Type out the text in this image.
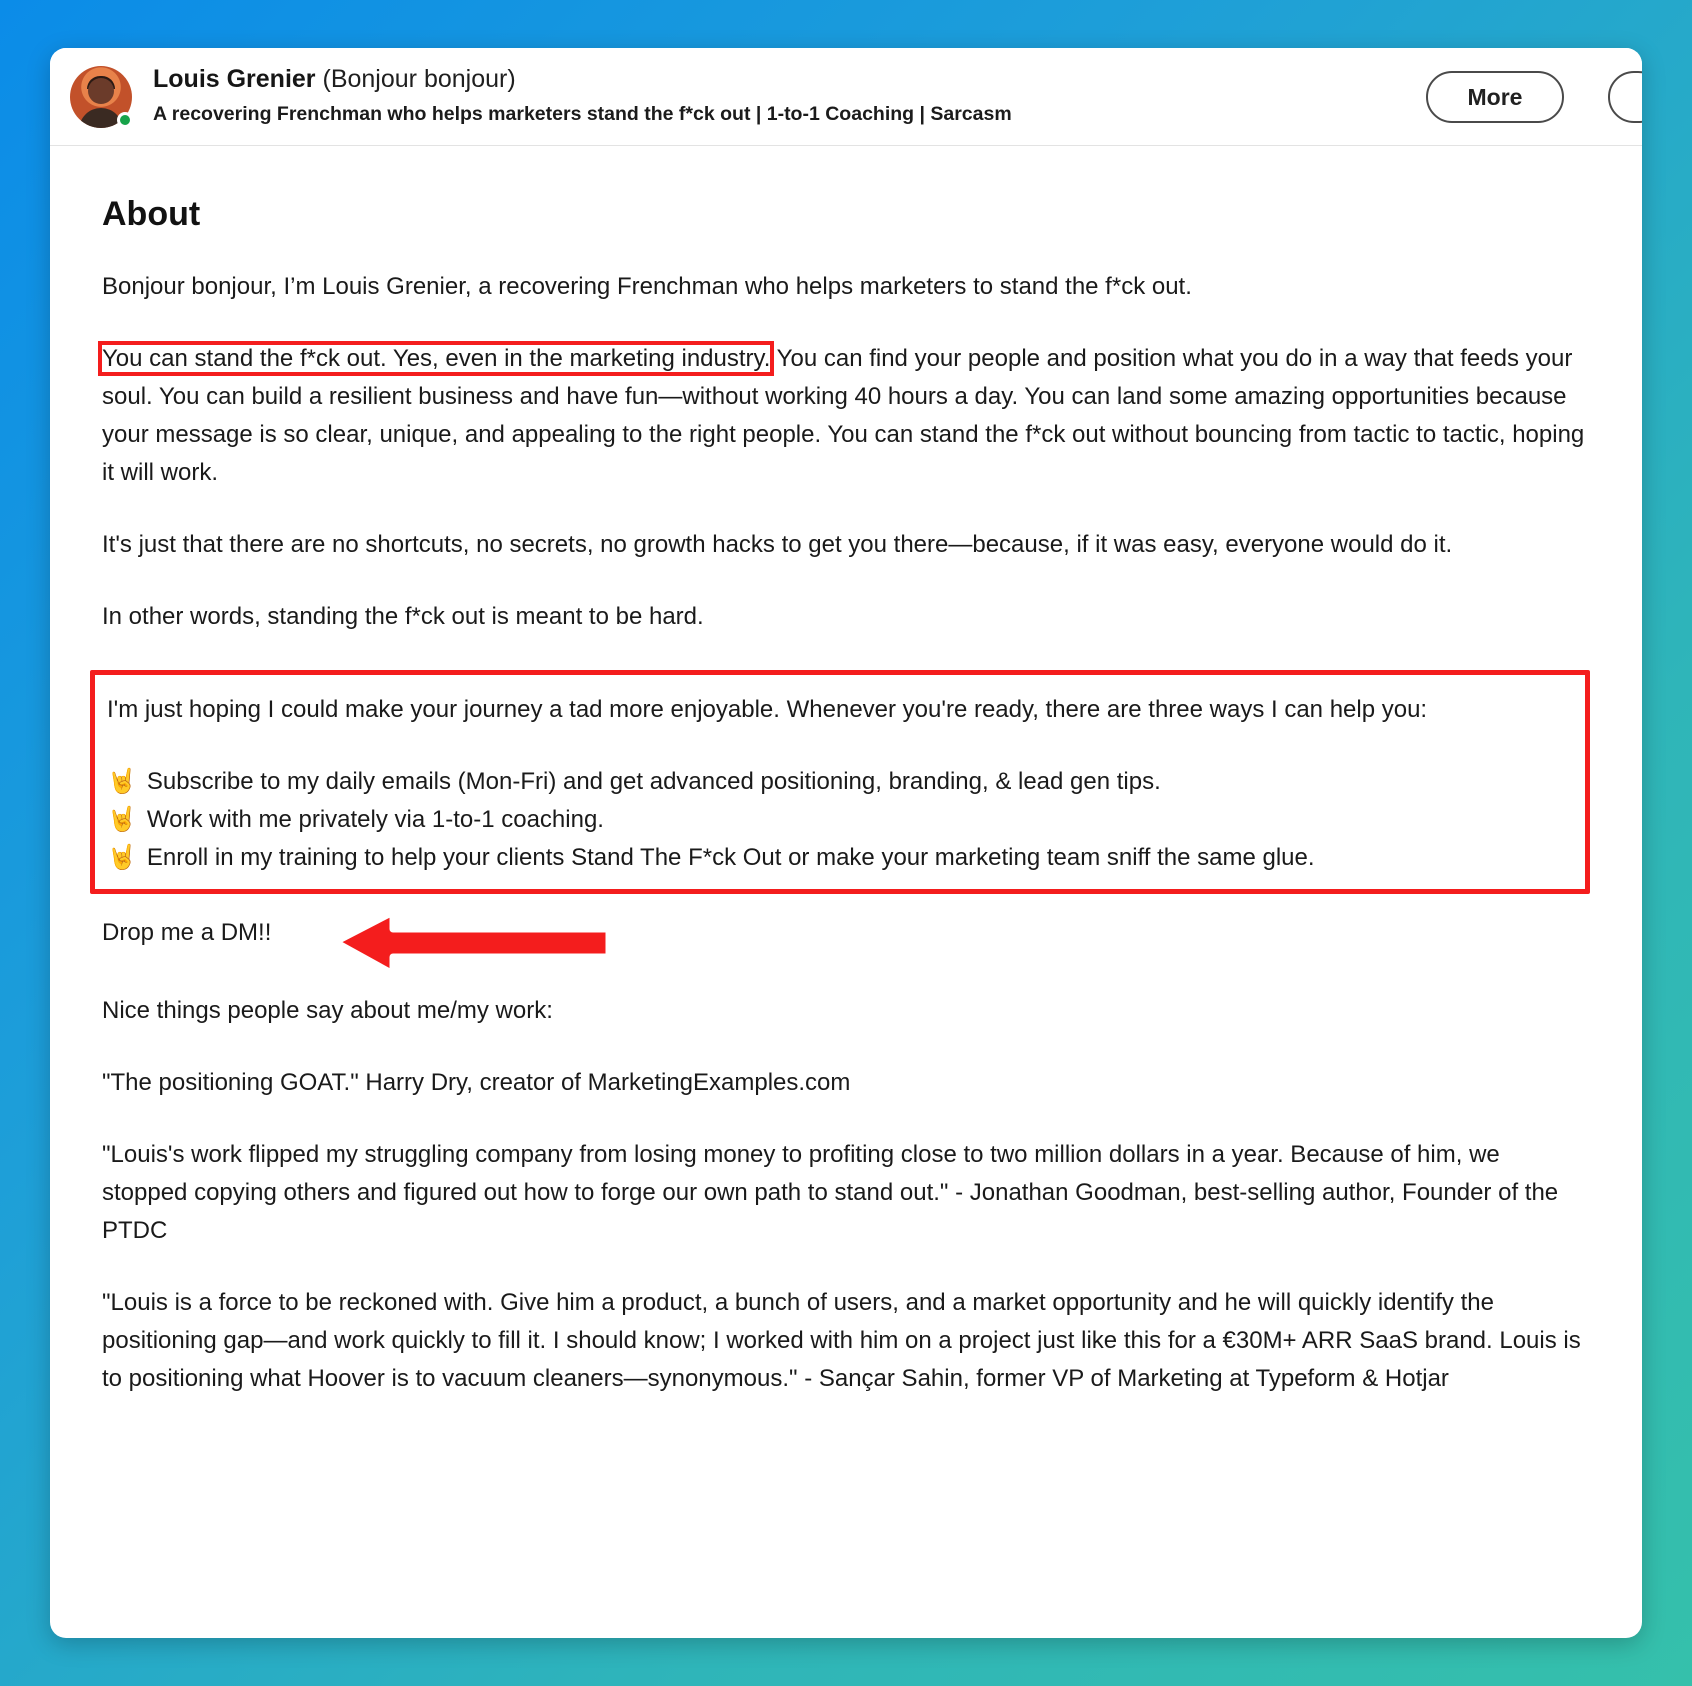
Louis Grenier (Bonjour bonjour)
A recovering Frenchman who helps marketers stand the f*ck out | 1-to-1 Coaching | Sarcasm
More
About

Bonjour bonjour, I’m Louis Grenier, a recovering Frenchman who helps marketers to stand the f*ck out.

You can stand the f*ck out. Yes, even in the marketing industry. You can find your people and position what you do in a way that feeds your soul. You can build a resilient business and have fun—without working 40 hours a day. You can land some amazing opportunities because your message is so clear, unique, and appealing to the right people. You can stand the f*ck out without bouncing from tactic to tactic, hoping it will work.

It's just that there are no shortcuts, no secrets, no growth hacks to get you there—because, if it was easy, everyone would do it.

In other words, standing the f*ck out is meant to be hard.

I'm just hoping I could make your journey a tad more enjoyable. Whenever you're ready, there are three ways I can help you:

🤘 Subscribe to my daily emails (Mon-Fri) and get advanced positioning, branding, & lead gen tips.
🤘 Work with me privately via 1-to-1 coaching.
🤘 Enroll in my training to help your clients Stand The F*ck Out or make your marketing team sniff the same glue.
Drop me a DM!!

Nice things people say about me/my work:

"The positioning GOAT." Harry Dry, creator of MarketingExamples.com

"Louis's work flipped my struggling company from losing money to profiting close to two million dollars in a year. Because of him, we stopped copying others and figured out how to forge our own path to stand out." - Jonathan Goodman, best-selling author, Founder of the PTDC

"Louis is a force to be reckoned with. Give him a product, a bunch of users, and a market opportunity and he will quickly identify the positioning gap—and work quickly to fill it. I should know; I worked with him on a project just like this for a €30M+ ARR SaaS brand. Louis is to positioning what Hoover is to vacuum cleaners—synonymous." - Sançar Sahin, former VP of Marketing at Typeform & Hotjar
